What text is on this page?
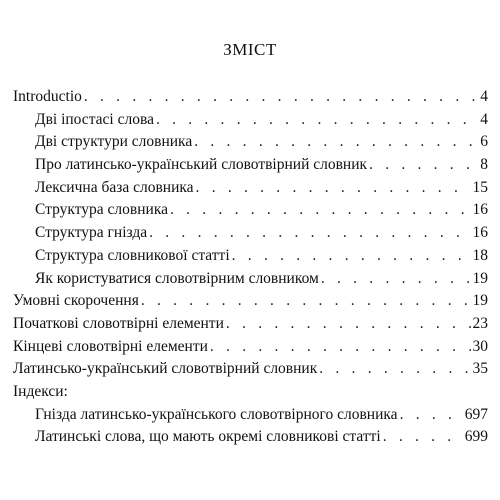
ЗМІСТ
Introductio . . .	4
Дві іпостасі слова . . .	4
Дві структури словника . . .	6
Про латинсько-український словотвірний словник . . .	8
Лексична база словника . . .	15
Структура словника . . .	16
Структура гнізда . . .	16
Структура словникової статті . . .	18
Як користуватися словотвірним словником . . .	19
Умовні скорочення . . .	19
Початкові словотвірні елементи . . .	23
Кінцеві словотвірні елементи . . .	30
Латинсько-український словотвірний словник . . .	35
Індекси:
Гнізда латинсько-українського словотвірного словника . . .	697
Латинські слова, що мають окремі словникові статті . . .	699
